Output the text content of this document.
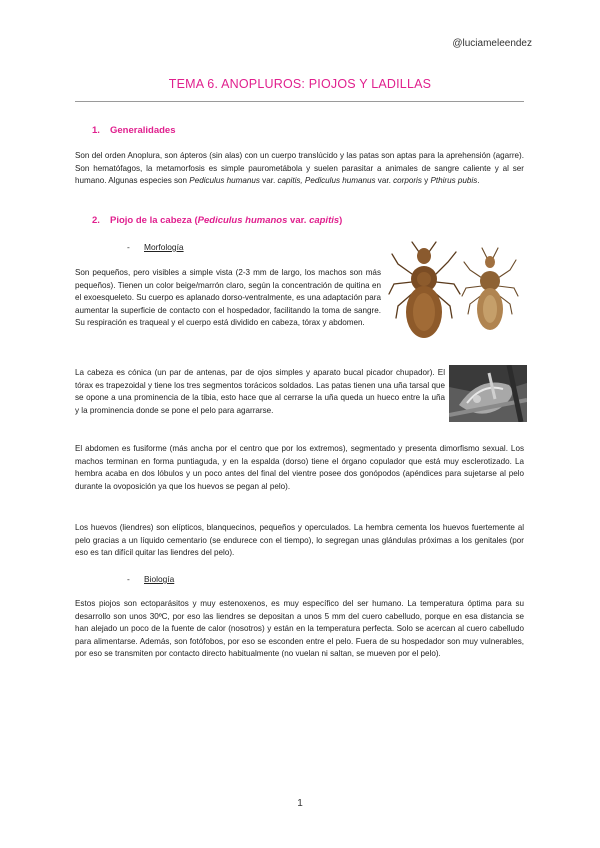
@luciameleendez
TEMA 6. ANOPLUROS: PIOJOS Y LADILLAS
1. Generalidades
Son del orden Anoplura, son ápteros (sin alas) con un cuerpo translúcido y las patas son aptas para la aprehensión (agarre). Son hematófagos, la metamorfosis es simple paurometábola y suelen parasitar a animales de sangre caliente y al ser humano. Algunas especies son Pediculus humanus var. capitis, Pediculus humanus var. corporis y Pthirus pubis.
2. Piojo de la cabeza (Pediculus humanos var. capitis)
- Morfología
Son pequeños, pero visibles a simple vista (2-3 mm de largo, los machos son más pequeños). Tienen un color beige/marrón claro, según la concentración de quitina en el exoesqueleto. Su cuerpo es aplanado dorso-ventralmente, es una adaptación para aumentar la superficie de contacto con el hospedador, facilitando la toma de sangre. Su respiración es traqueal y el cuerpo está dividido en cabeza, tórax y abdomen.
La cabeza es cónica (un par de antenas, par de ojos simples y aparato bucal picador chupador). El tórax es trapezoidal y tiene los tres segmentos torácicos soldados. Las patas tienen una uña tarsal que se opone a una prominencia de la tibia, esto hace que al cerrarse la uña queda un hueco entre la uña y la prominencia donde se pone el pelo para agarrarse.
El abdomen es fusiforme (más ancha por el centro que por los extremos), segmentado y presenta dimorfismo sexual. Los machos terminan en forma puntiaguda, y en la espalda (dorso) tiene el órgano copulador que está muy esclerotizado. La hembra acaba en dos lóbulos y un poco antes del final del vientre posee dos gonópodos (apéndices para sujetarse al pelo durante la ovoposición ya que los huevos se pegan al pelo).
Los huevos (liendres) son elípticos, blanquecinos, pequeños y operculados. La hembra cementa los huevos fuertemente al pelo gracias a un líquido cementario (se endurece con el tiempo), lo segregan unas glándulas próximas a los genitales (por eso es tan difícil quitar las liendres del pelo).
- Biología
Estos piojos son ectoparásitos y muy estenoxenos, es muy específico del ser humano. La temperatura óptima para su desarrollo son unos 30ºC, por eso las liendres se depositan a unos 5 mm del cuero cabelludo, porque en esa distancia se han alejado un poco de la fuente de calor (nosotros) y están en la temperatura perfecta. Solo se acercan al cuero cabelludo para alimentarse. Además, son fotófobos, por eso se esconden entre el pelo. Fuera de su hospedador son muy vulnerables, por eso se transmiten por contacto directo habitualmente (no vuelan ni saltan, se mueven por el pelo).
1
